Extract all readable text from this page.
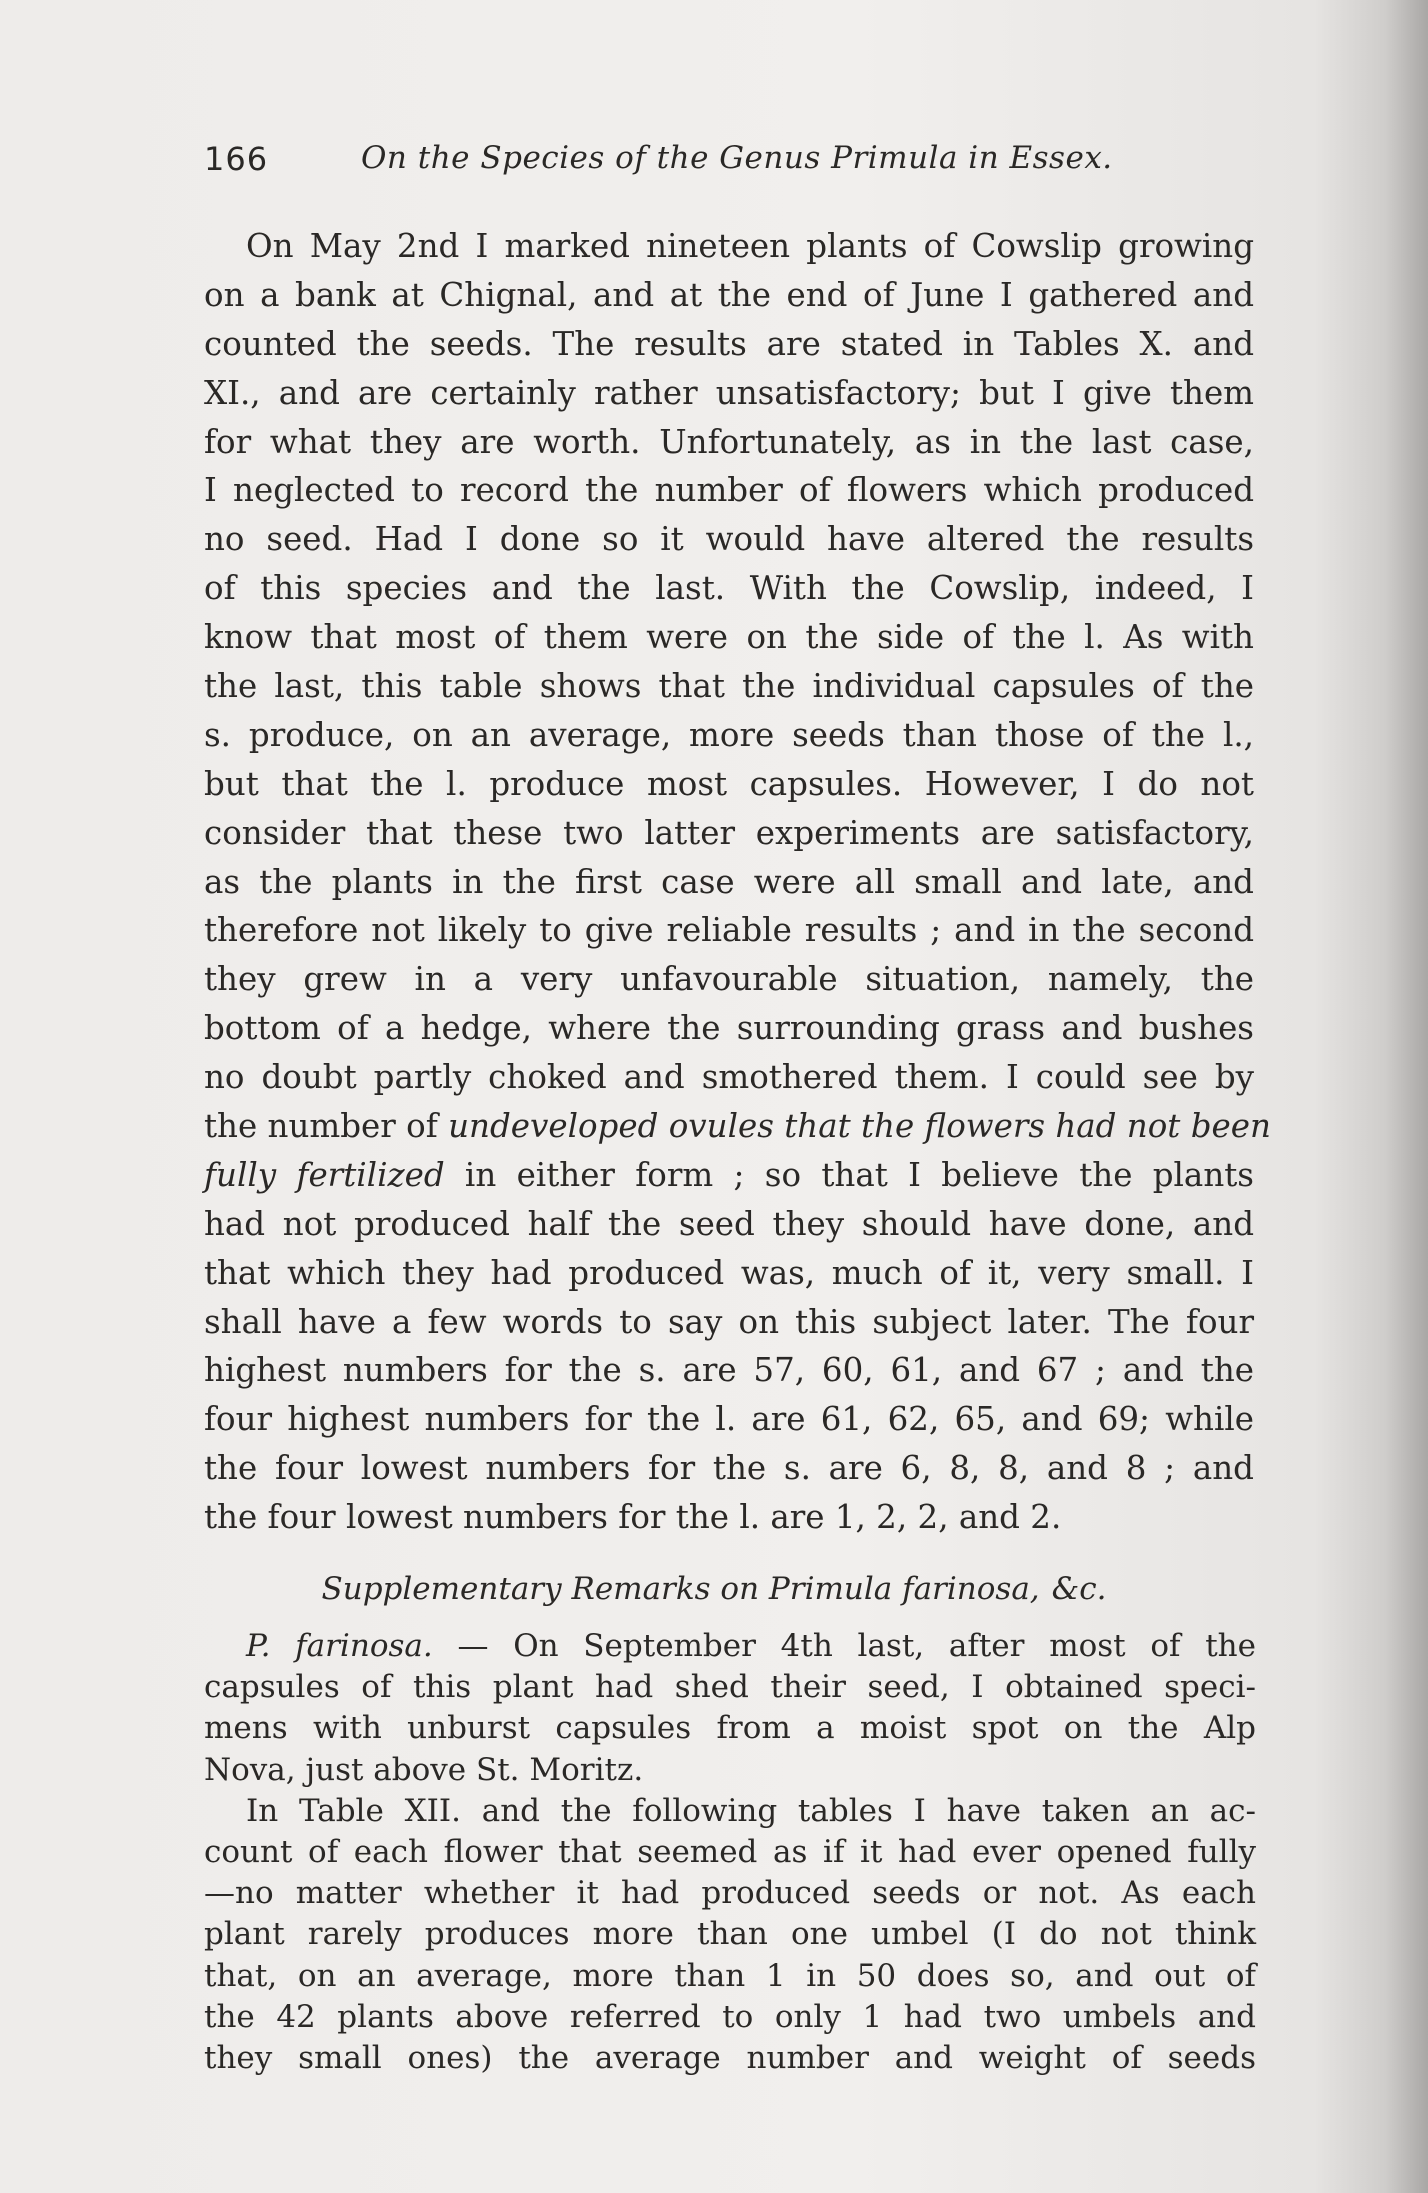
166	On the Species of the Genus Primula in Essex.
On May 2nd I marked nineteen plants of Cowslip growing
on a bank at Chignal, and at the end of June I gathered and
counted the seeds. The results are stated in Tables X. and
XI., and are certainly rather unsatisfactory; but I give them
for what they are worth. Unfortunately, as in the last case,
I neglected to record the number of flowers which produced
no seed. Had I done so it would have altered the results
of this species and the last. With the Cowslip, indeed, I
know that most of them were on the side of the l. As with
the last, this table shows that the individual capsules of the
s. produce, on an average, more seeds than those of the l.,
but that the l. produce most capsules. However, I do not
consider that these two latter experiments are satisfactory,
as the plants in the first case were all small and late, and
therefore not likely to give reliable results ; and in the second
they grew in a very unfavourable situation, namely, the
bottom of a hedge, where the surrounding grass and bushes
no doubt partly choked and smothered them. I could see by
the number of undeveloped ovules that the flowers had not been
fully fertilized in either form ; so that I believe the plants
had not produced half the seed they should have done, and
that which they had produced was, much of it, very small. I
shall have a few words to say on this subject later. The four
highest numbers for the s. are 57, 60, 61, and 67 ; and the
four highest numbers for the l. are 61, 62, 65, and 69; while
the four lowest numbers for the s. are 6, 8, 8, and 8 ; and
the four lowest numbers for the l. are 1, 2, 2, and 2.
Supplementary Remarks on Primula farinosa, &c.
P. farinosa. — On September 4th last, after most of the
capsules of this plant had shed their seed, I obtained speci-
mens with unburst capsules from a moist spot on the Alp
Nova, just above St. Moritz.
In Table XII. and the following tables I have taken an ac-
count of each flower that seemed as if it had ever opened fully
—no matter whether it had produced seeds or not. As each
plant rarely produces more than one umbel (I do not think
that, on an average, more than 1 in 50 does so, and out of
the 42 plants above referred to only 1 had two umbels and
they small ones) the average number and weight of seeds
